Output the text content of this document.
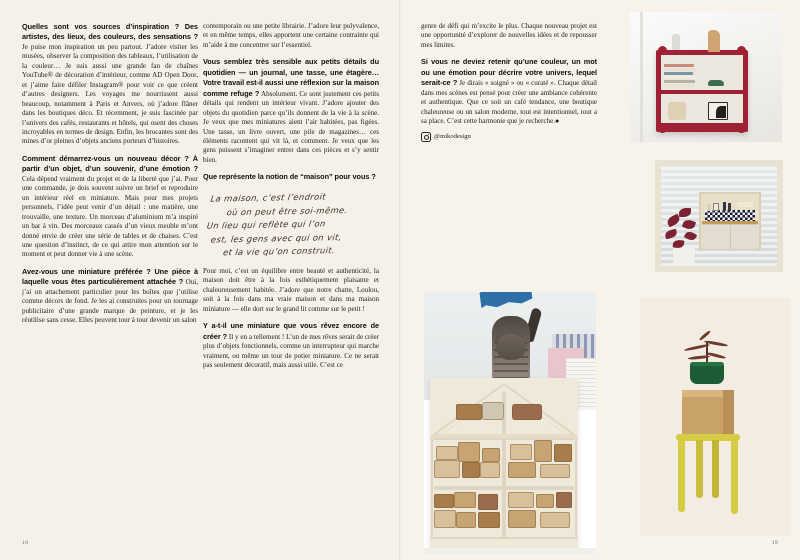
Quelles sont vos sources d’inspiration ? Des artistes, des lieux, des couleurs, des sensations ? Je puise mon inspiration un peu partout. J’adore visiter les musées, observer la composition des tableaux, l’utilisation de la couleur… Je suis aussi une grande fan de chaînes YouTube® de décoration d’intérieur, comme AD Open Door, et j’aime faire défiler Instagram® pour voir ce que créent d’autres designers. Les voyages me nourrissent aussi beaucoup, notamment à Paris et Anvers, où j’adore flâner dans les boutiques déco. Et récemment, je suis fascinée par l’univers des cafés, restaurants et hôtels, qui osent des choses incroyables en termes de design. Enfin, les brocantes sont des mines d’or pleines d’objets anciens porteurs d’histoires.

Comment démarrez-vous un nouveau décor ? À partir d’un objet, d’un souvenir, d’une émotion ? Cela dépend vraiment du projet et de la liberté que j’ai. Pour une commande, je dois souvent suivre un brief et reproduire un intérieur réel en miniature. Mais pour mes projets personnels, l’idée peut venir d’un détail : une matière, une trouvaille, une texture. Un morceau d’aluminium m’a inspiré un bar à vin. Des morceaux cassés d’un vieux meuble m’ont donné envie de créer une série de tables et de chaises. C’est une question d’instinct, de ce qui attire mon attention sur le moment et peut donner vie à une scène.

Avez-vous une miniature préférée ? Une pièce à laquelle vous êtes particulièrement attachée ? Oui, j’ai un attachement particulier pour les boîtes que j’utilise comme décors de fond. Je les ai construites pour un tournage publicitaire d’une grande marque de peinture, et je les réutilise sans cesse. Elles peuvent tour à tour devenir un salon

contemporain ou une petite librairie. J’adore leur polyvalence, et en même temps, elles apportent une certaine contrainte qui m’aide à me concentrer sur l’essentiel.

Vous semblez très sensible aux petits détails du quotidien — un journal, une tasse, une étagère… Votre travail est-il aussi une réflexion sur la maison comme refuge ? Absolument. Ce sont justement ces petits détails qui rendent un intérieur vivant. J’adore ajouter des objets du quotidien parce qu’ils donnent de la vie à la scène. Je veux que mes miniatures aient l’air habitées, pas figées. Une tasse, un livre ouvert, une pile de magazines… ces éléments racontent qui vit là, et comment. Je veux que les gens puissent s’imaginer entrer dans ces pièces et s’y sentir bien.

Que représente la notion de “maison” pour vous ?

La maison, c’est l’endroit
où on peut être soi-même.
Un lieu qui reflète qui l’on
est, les gens avec qui on vit,
et la vie qu’on construit.

Pour moi, c’est un équilibre entre beauté et authenticité, la maison doit être à la fois esthétiquement plaisante et chaleureusement habitée. J’adore que notre chatte, Loulou, soit à la fois dans ma vraie maison et dans ma maison miniature — elle dort sur le grand lit comme sur le petit !

Y a-t-il une miniature que vous rêvez encore de créer ? Il y en a tellement ! L’un de mes rêves serait de créer plus d’objets fonctionnels, comme un interrupteur qui marche vraiment, ou même un tour de potier miniature. Ce ne serait pas seulement décoratif, mais aussi utile. C’est ce

18

genre de défi qui m’excite le plus. Chaque nouveau projet est une opportunité d’explorer de nouvelles idées et de repousser mes limites.

Si vous ne deviez retenir qu’une couleur, un mot ou une émotion pour décrire votre univers, lequel serait-ce ? Je dirais « soigné » ou « curaté ». Chaque détail dans mes scènes est pensé pour créer une ambiance cohérente et authentique. Que ce soit un café tendance, une boutique chaleureuse ou un salon moderne, tout est intentionnel, tout a sa place. C’est cette harmonie que je recherche.●

@mikodesign
19
